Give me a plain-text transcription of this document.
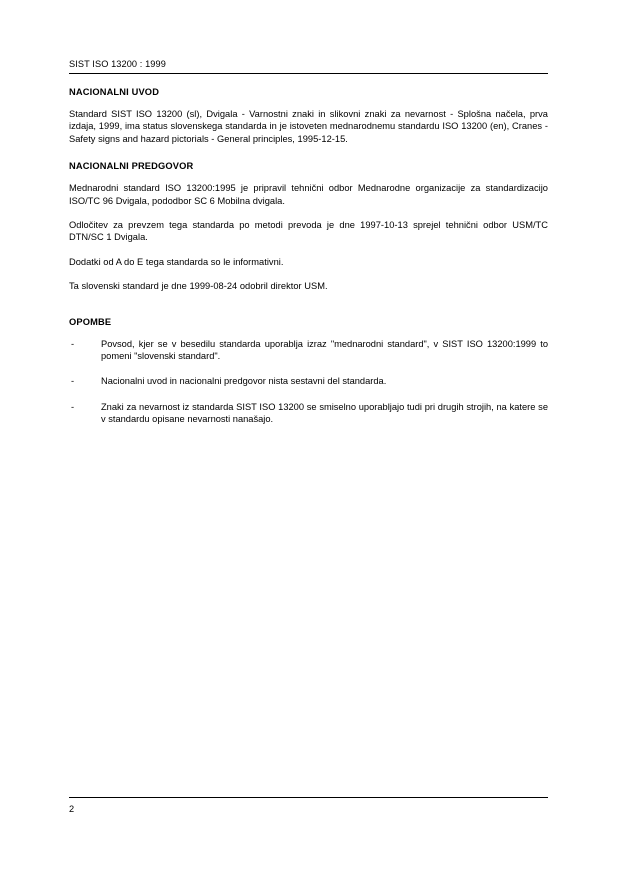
SIST ISO 13200 : 1999
NACIONALNI UVOD

Standard SIST ISO 13200 (sl), Dvigala - Varnostni znaki in slikovni znaki za nevarnost - Splošna načela, prva izdaja, 1999, ima status slovenskega standarda in je istoveten mednarodnemu standardu ISO 13200 (en), Cranes - Safety signs and hazard pictorials - General principles, 1995-12-15.

NACIONALNI PREDGOVOR

Mednarodni standard ISO 13200:1995 je pripravil tehnični odbor Mednarodne organizacije za standardizacijo ISO/TC 96 Dvigala, pododbor SC 6 Mobilna dvigala.

Odločitev za prevzem tega standarda po metodi prevoda je dne 1997-10-13 sprejel tehnični odbor USM/TC DTN/SC 1 Dvigala.

Dodatki od A do E tega standarda so le informativni.

Ta slovenski standard je dne 1999-08-24 odobril direktor USM.

OPOMBE
-	Povsod, kjer se v besedilu standarda uporablja izraz "mednarodni standard", v SIST ISO 13200:1999 to pomeni "slovenski standard".
-	Nacionalni uvod in nacionalni predgovor nista sestavni del standarda.
-	Znaki za nevarnost iz standarda SIST ISO 13200 se smiselno uporabljajo tudi pri drugih strojih, na katere se v standardu opisane nevarnosti nanašajo.
2
